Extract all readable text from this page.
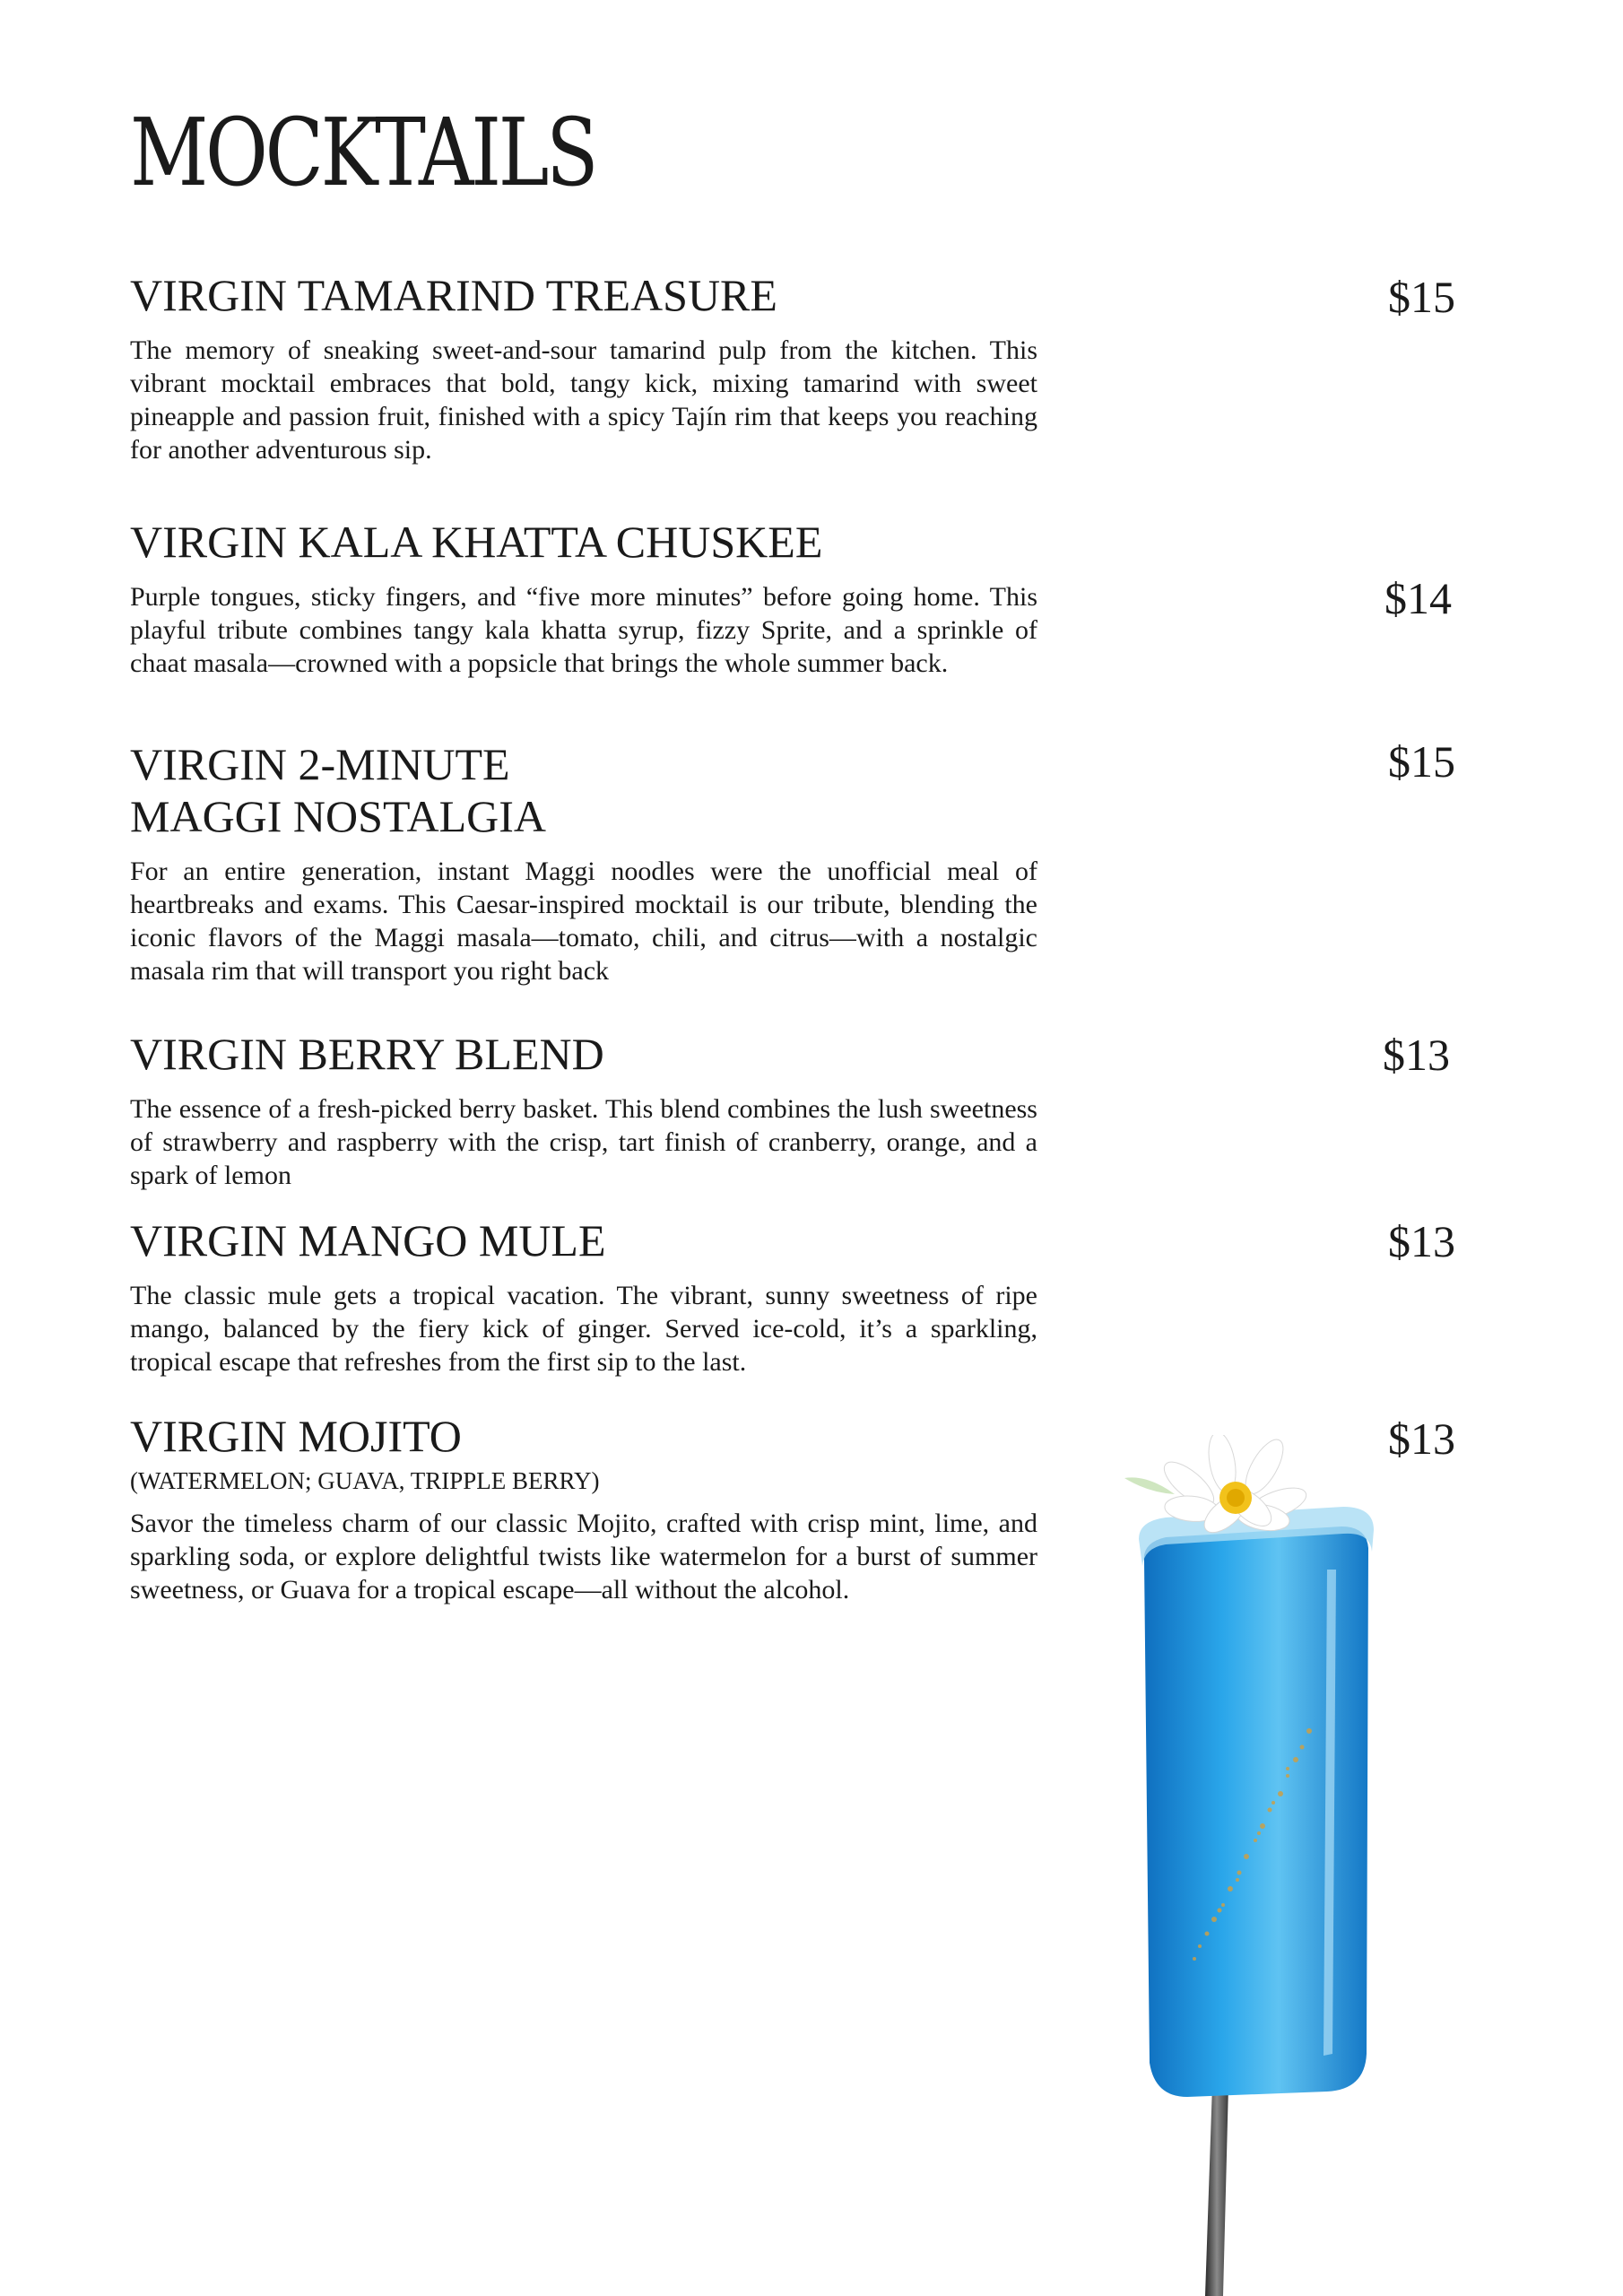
MOCKTAILS
VIRGIN TAMARIND TREASURE

The memory of sneaking sweet-and-sour tamarind pulp from the kitchen. This vibrant mocktail embraces that bold, tangy kick, mixing tamarind with sweet pineapple and passion fruit, finished with a spicy Tajín rim that keeps you reaching for another adventurous sip.

$15
VIRGIN KALA KHATTA CHUSKEE

Purple tongues, sticky fingers, and “five more minutes” before going home. This playful tribute combines tangy kala khatta syrup, fizzy Sprite, and a sprinkle of chaat masala—crowned with a popsicle that brings the whole summer back.

$14
VIRGIN 2-MINUTE
MAGGI NOSTALGIA

For an entire generation, instant Maggi noodles were the unofficial meal of heartbreaks and exams. This Caesar-inspired mocktail is our tribute, blending the iconic flavors of the Maggi masala—tomato, chili, and citrus—with a nostalgic masala rim that will transport you right back

$15
VIRGIN BERRY BLEND

The essence of a fresh-picked berry basket. This blend combines the lush sweetness of strawberry and raspberry with the crisp, tart finish of cranberry, orange, and a spark of lemon

$13
VIRGIN MANGO MULE

The classic mule gets a tropical vacation. The vibrant, sunny sweetness of ripe mango, balanced by the fiery kick of ginger. Served ice-cold, it’s a sparkling, tropical escape that refreshes from the first sip to the last.

$13
VIRGIN MOJITO
(WATERMELON; GUAVA, TRIPPLE BERRY)

Savor the timeless charm of our classic Mojito, crafted with crisp mint, lime, and sparkling soda, or explore delightful twists like watermelon for a burst of summer sweetness, or Guava for a tropical escape—all without the alcohol.

$13
